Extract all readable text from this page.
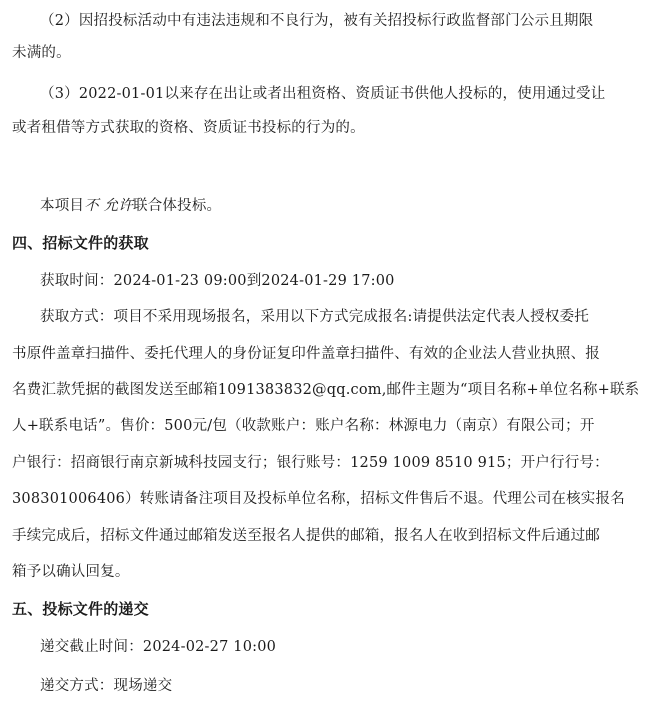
（2）因招投标活动中有违法违规和不良行为，被有关招投标行政监督部门公示且期限
未满的。
（3）2022-01-01以来存在出让或者出租资格、资质证书供他人投标的，使用通过受让
或者租借等方式获取的资格、资质证书投标的行为的。
本项目不 允许联合体投标。
四、招标文件的获取
获取时间：2024-01-23 09:00到2024-01-29 17:00
获取方式：项目不采用现场报名，采用以下方式完成报名:请提供法定代表人授权委托
书原件盖章扫描件、委托代理人的身份证复印件盖章扫描件、有效的企业法人营业执照、报
名费汇款凭据的截图发送至邮箱1091383832@qq.com,邮件主题为“项目名称+单位名称+联系
人+联系电话”。售价：500元/包（收款账户：账户名称：林源电力（南京）有限公司；开
户银行：招商银行南京新城科技园支行；银行账号：1259 1009 8510 915；开户行行号：
308301006406）转账请备注项目及投标单位名称，招标文件售后不退。代理公司在核实报名
手续完成后，招标文件通过邮箱发送至报名人提供的邮箱，报名人在收到招标文件后通过邮
箱予以确认回复。
五、投标文件的递交
递交截止时间：2024-02-27 10:00
递交方式：现场递交
